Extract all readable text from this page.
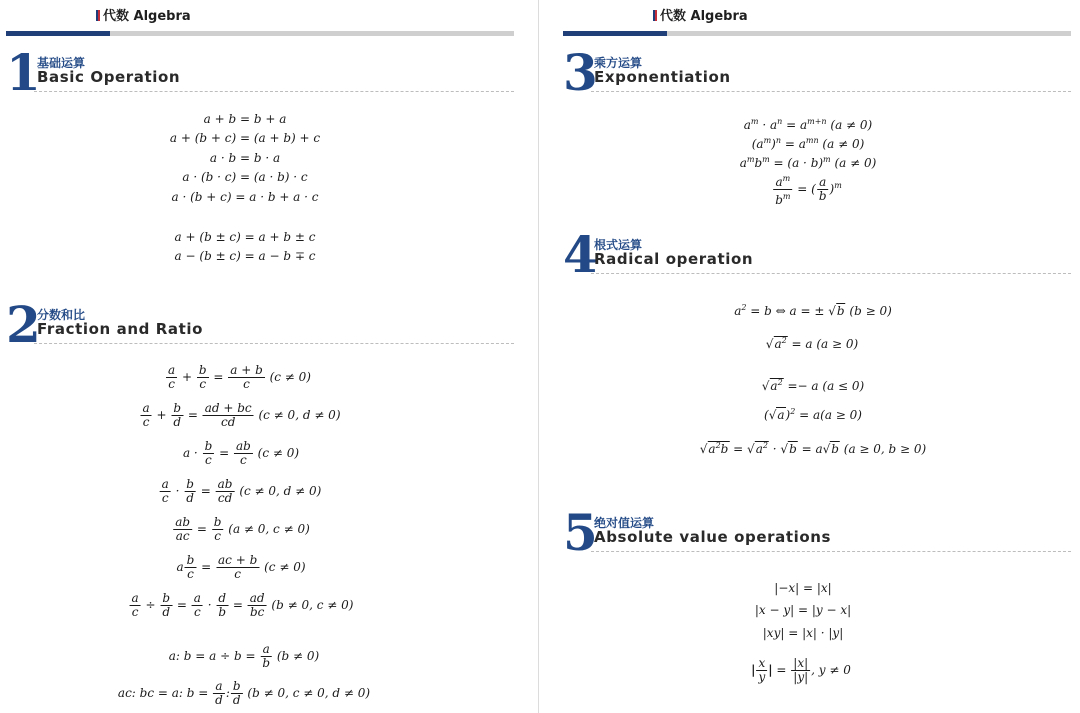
代数 Algebra
1
基础运算
Basic Operation
a + b = b + a
a + (b + c) = (a + b) + c
a · b = b · a
a · (b · c) = (a · b) · c
a · (b + c) = a · b + a · c
a + (b ± c) = a + b ± c
a − (b ± c) = a − b ∓ c
2
分数和比
Fraction and Ratio
$\frac{a}{c} + \frac{b}{c} = \frac{a + b}{c} (c \ne 0)$
$\frac{a}{c} + \frac{b}{d} = \frac{ad + bc}{cd} (c \ne 0$, d ≠ 0)
$a \cdot \frac{b}{c} = \frac{ab}{c} (c \ne 0)$
$\frac{a}{c} \cdot \frac{b}{d} = \frac{ab}{cd} (c \ne 0$, d ≠ 0)
$\frac{ab}{ac} = \frac{b}{c} (a \ne 0$, c ≠ 0)
a $\frac{b}{c} = \frac{ac + b}{c} (c \ne 0)$
$\frac{a}{c} \div \frac{b}{d} = \frac{a}{c} \cdot \frac{d}{b} = \frac{ad}{bc} (b \ne 0$, c ≠ 0)
a: $b = a \div b = \frac{a}{b} (b \ne 0)$
ac: bc = a: $b = \frac{a}{d}$ : $\frac{b}{d} (b \ne 0$, c ≠ 0, d ≠ 0)
代数 Algebra
3
乘方运算
Exponentiation
$a^m \cdot a^n = a^{m+n}$ (a ≠ 0)
$(a^m)^n = a^{mn}$ (a ≠ 0)
$a^mb^m = (a \cdot b)^m$ (a ≠ 0)
$\frac{a^m}{b^m}$ = ( $\frac{a}{b} )^m$
4
根式运算
Radical operation
$a^2 = b$ ⇔ a = ± √b (b ≥ 0)
$√a^2 = a$ (a ≥ 0)
$√a^2 =- a$ (a ≤ 0)
$(√a)^2 = a(a \ge 0)$
$√a^2b = √a^2 \cdot √b = a√b$ (a ≥ 0, b ≥ 0)
5
绝对值运算
Absolute value operations
|−x| = |x|
|x − y| = |y − x|
|xy| = |x| · |y|
| $\frac{x}{y}$ | = $\frac{|x|}{|y|}$ , y ≠ 0
